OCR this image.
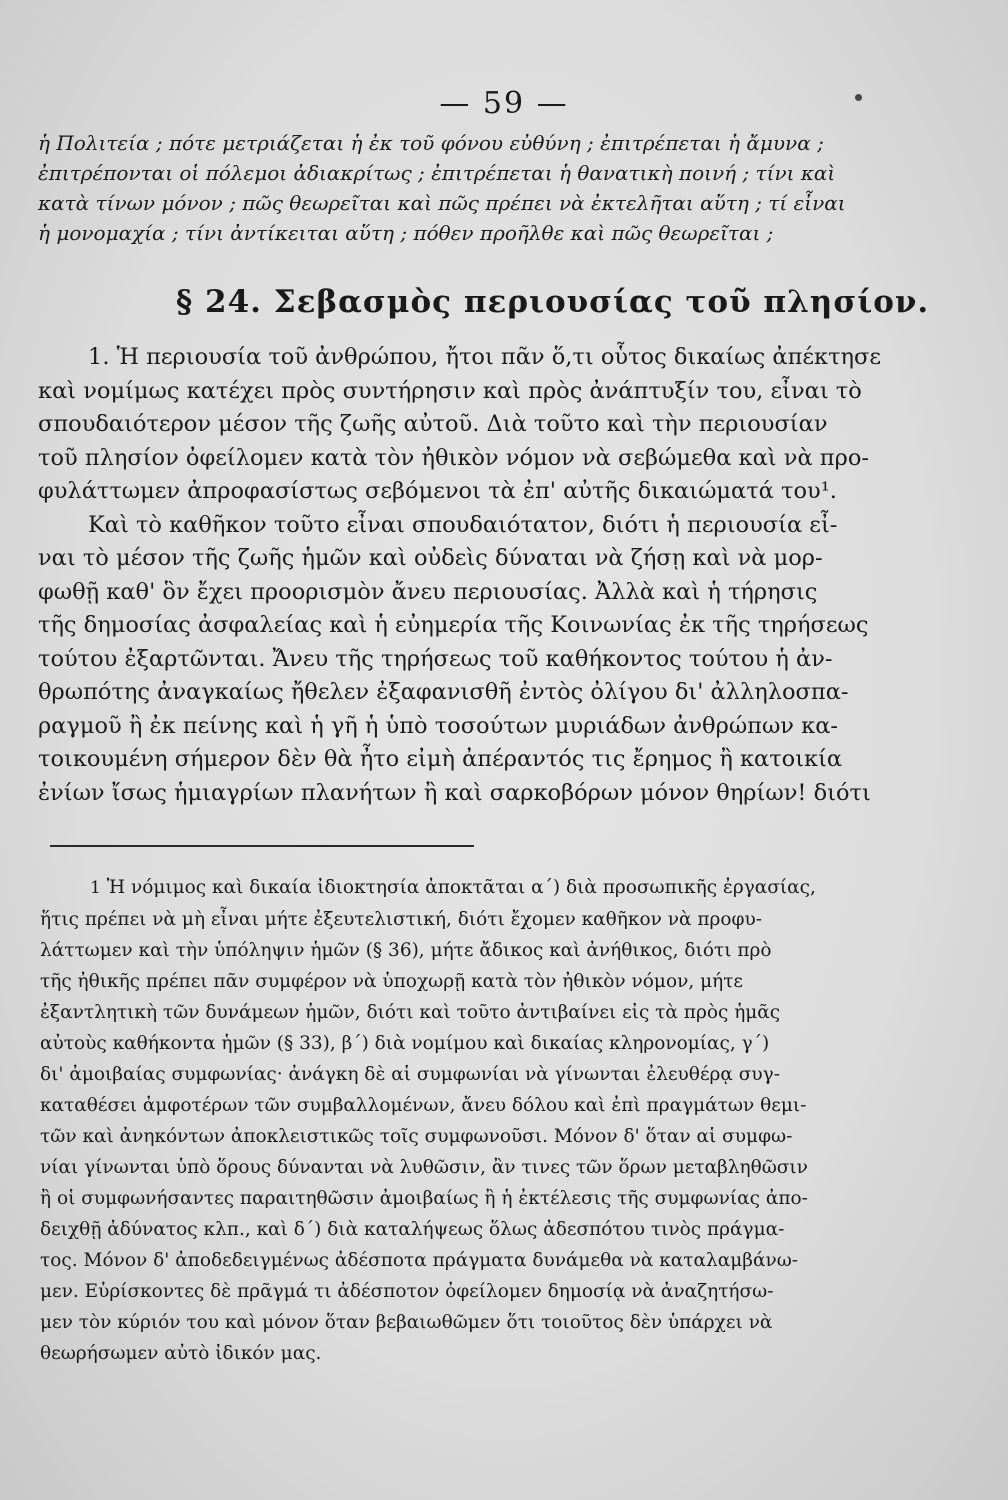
— 59 —

ἡ Πολιτεία ; πότε μετριάζεται ἡ ἐκ τοῦ φόνου εὐθύνη ; ἐπιτρέπεται ἡ ἄμυνα ;

ἐπιτρέπονται οἱ πόλεμοι ἀδιακρίτως ; ἐπιτρέπεται ἡ θανατικὴ ποινή ; τίνι καὶ

κατὰ τίνων μόνον ; πῶς θεωρεῖται καὶ πῶς πρέπει νὰ ἐκτελῆται αὕτη ; τί εἶναι

ἡ μονομαχία ; τίνι ἀντίκειται αὕτη ; πόθεν προῆλθε καὶ πῶς θεωρεῖται ;

§ 24. Σεβασμὸς περιουσίας τοῦ πλησίον.

1. Ἡ περιουσία τοῦ ἀνθρώπου, ἤτοι πᾶν ὅ,τι οὗτος δικαίως ἀπέκτησε

καὶ νομίμως κατέχει πρὸς συντήρησιν καὶ πρὸς ἀνάπτυξίν του, εἶναι τὸ

σπουδαιότερον μέσον τῆς ζωῆς αὐτοῦ. Διὰ τοῦτο καὶ τὴν περιουσίαν

τοῦ πλησίον ὀφείλομεν κατὰ τὸν ἠθικὸν νόμον νὰ σεβώμεθα καὶ νὰ προ-

φυλάττωμεν ἀπροφασίστως σεβόμενοι τὰ ἐπ' αὐτῆς δικαιώματά του¹.

Καὶ τὸ καθῆκον τοῦτο εἶναι σπουδαιότατον, διότι ἡ περιουσία εἶ-

ναι τὸ μέσον τῆς ζωῆς ἡμῶν καὶ οὐδεὶς δύναται νὰ ζήσῃ καὶ νὰ μορ-

φωθῇ καθ' ὃν ἔχει προορισμὸν ἄνευ περιουσίας. Ἀλλὰ καὶ ἡ τήρησις

τῆς δημοσίας ἀσφαλείας καὶ ἡ εὐημερία τῆς Κοινωνίας ἐκ τῆς τηρήσεως

τούτου ἐξαρτῶνται. Ἄνευ τῆς τηρήσεως τοῦ καθήκοντος τούτου ἡ ἀν-

θρωπότης ἀναγκαίως ἤθελεν ἐξαφανισθῆ ἐντὸς ὀλίγου δι' ἀλληλοσπα-

ραγμοῦ ἢ ἐκ πείνης καὶ ἡ γῆ ἡ ὑπὸ τοσούτων μυριάδων ἀνθρώπων κα-

τοικουμένη σήμερον δὲν θὰ ἦτο εἰμὴ ἀπέραντός τις ἔρημος ἢ κατοικία

ἐνίων ἴσως ἡμιαγρίων πλανήτων ἢ καὶ σαρκοβόρων μόνον θηρίων! διότι

1 Ἡ νόμιμος καὶ δικαία ἰδιοκτησία ἀποκτᾶται α΄) διὰ προσωπικῆς ἐργασίας,

ἥτις πρέπει νὰ μὴ εἶναι μήτε ἐξευτελιστική, διότι ἔχομεν καθῆκον νὰ προφυ-

λάττωμεν καὶ τὴν ὑπόληψιν ἡμῶν (§ 36), μήτε ἄδικος καὶ ἀνήθικος, διότι πρὸ

τῆς ἠθικῆς πρέπει πᾶν συμφέρον νὰ ὑποχωρῇ κατὰ τὸν ἠθικὸν νόμον, μήτε

ἐξαντλητικὴ τῶν δυνάμεων ἡμῶν, διότι καὶ τοῦτο ἀντιβαίνει εἰς τὰ πρὸς ἡμᾶς

αὐτοὺς καθήκοντα ἡμῶν (§ 33), β΄) διὰ νομίμου καὶ δικαίας κληρονομίας, γ΄)

δι' ἀμοιβαίας συμφωνίας· ἀνάγκη δὲ αἱ συμφωνίαι νὰ γίνωνται ἐλευθέρᾳ συγ-

καταθέσει ἀμφοτέρων τῶν συμβαλλομένων, ἄνευ δόλου καὶ ἐπὶ πραγμάτων θεμι-

τῶν καὶ ἀνηκόντων ἀποκλειστικῶς τοῖς συμφωνοῦσι. Μόνον δ' ὅταν αἱ συμφω-

νίαι γίνωνται ὑπὸ ὅρους δύνανται νὰ λυθῶσιν, ἂν τινες τῶν ὅρων μεταβληθῶσιν

ἢ οἱ συμφωνήσαντες παραιτηθῶσιν ἀμοιβαίως ἢ ἡ ἐκτέλεσις τῆς συμφωνίας ἀπο-

δειχθῇ ἀδύνατος κλπ., καὶ δ΄) διὰ καταλήψεως ὅλως ἀδεσπότου τινὸς πράγμα-

τος. Μόνον δ' ἀποδεδειγμένως ἀδέσποτα πράγματα δυνάμεθα νὰ καταλαμβάνω-

μεν. Εὑρίσκοντες δὲ πρᾶγμά τι ἀδέσποτον ὀφείλομεν δημοσίᾳ νὰ ἀναζητήσω-

μεν τὸν κύριόν του καὶ μόνον ὅταν βεβαιωθῶμεν ὅτι τοιοῦτος δὲν ὑπάρχει νὰ

θεωρήσωμεν αὐτὸ ἰδικόν μας.
